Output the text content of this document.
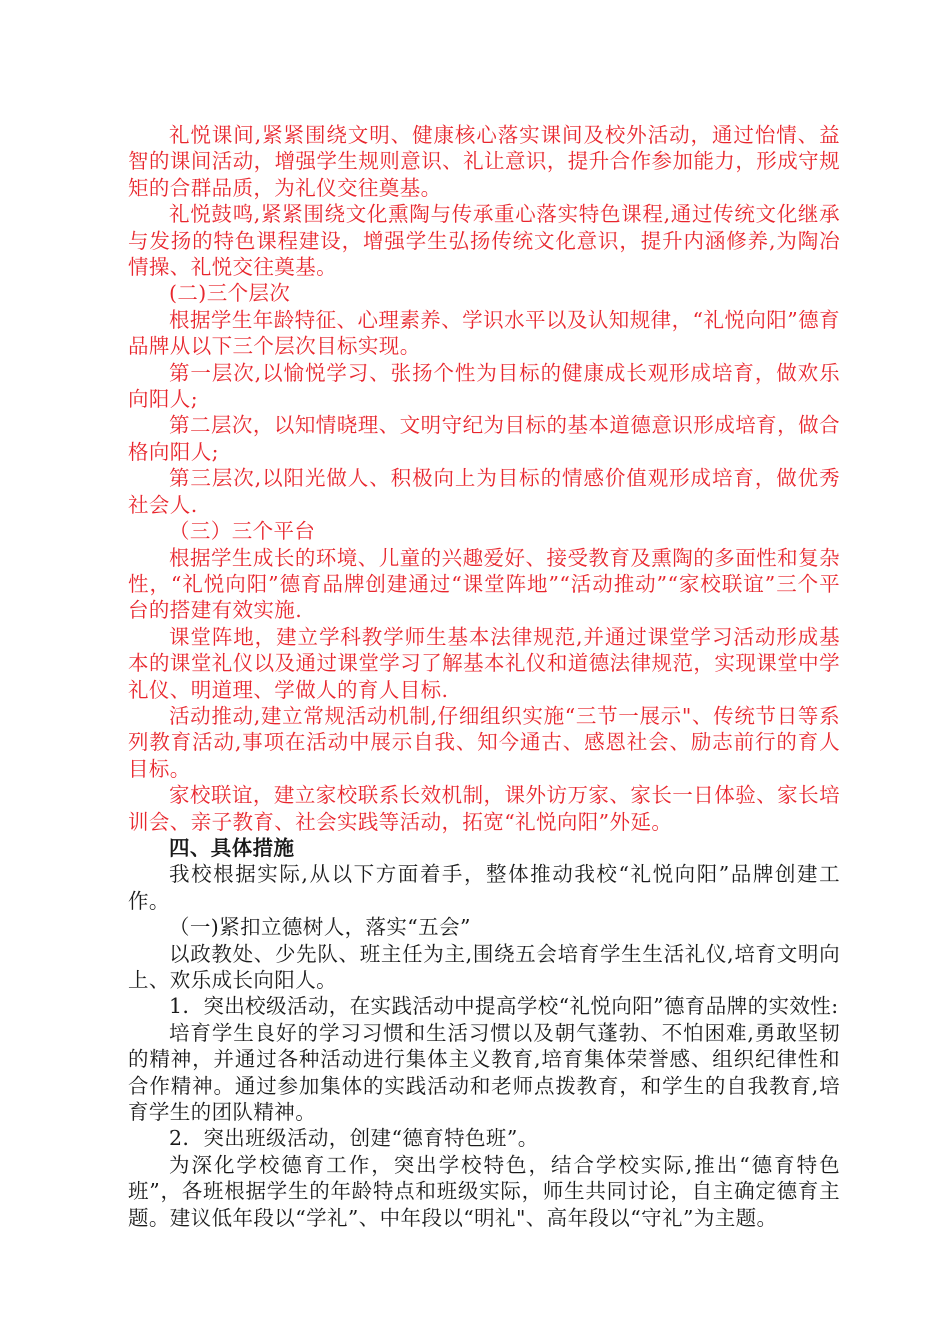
礼悦课间,紧紧围绕文明、健康核心落实课间及校外活动，通过怡情、益智的课间活动，增强学生规则意识、礼让意识，提升合作参加能力，形成守规矩的合群品质，为礼仪交往奠基。

礼悦鼓鸣,紧紧围绕文化熏陶与传承重心落实特色课程,通过传统文化继承与发扬的特色课程建设，增强学生弘扬传统文化意识，提升内涵修养,为陶冶情操、礼悦交往奠基。

(二)三个层次

根据学生年龄特征、心理素养、学识水平以及认知规律，“礼悦向阳”德育品牌从以下三个层次目标实现。

第一层次,以愉悦学习、张扬个性为目标的健康成长观形成培育，做欢乐向阳人;

第二层次，以知情晓理、文明守纪为目标的基本道德意识形成培育，做合格向阳人;

第三层次,以阳光做人、积极向上为目标的情感价值观形成培育，做优秀社会人.

（三）三个平台

根据学生成长的环境、儿童的兴趣爱好、接受教育及熏陶的多面性和复杂性，“礼悦向阳”德育品牌创建通过“课堂阵地”“活动推动”“家校联谊”三个平台的搭建有效实施.

课堂阵地，建立学科教学师生基本法律规范,并通过课堂学习活动形成基本的课堂礼仪以及通过课堂学习了解基本礼仪和道德法律规范，实现课堂中学礼仪、明道理、学做人的育人目标.

活动推动,建立常规活动机制,仔细组织实施“三节一展示"、传统节日等系列教育活动,事项在活动中展示自我、知今通古、感恩社会、励志前行的育人目标。

家校联谊，建立家校联系长效机制，课外访万家、家长一日体验、家长培训会、亲子教育、社会实践等活动，拓宽“礼悦向阳”外延。

四、具体措施

我校根据实际,从以下方面着手，整体推动我校“礼悦向阳”品牌创建工作。

（一)紧扣立德树人，落实“五会”

以政教处、少先队、班主任为主,围绕五会培育学生生活礼仪,培育文明向上、欢乐成长向阳人。

1．突出校级活动，在实践活动中提高学校“礼悦向阳”德育品牌的实效性:

培育学生良好的学习习惯和生活习惯以及朝气蓬勃、不怕困难,勇敢坚韧的精神，并通过各种活动进行集体主义教育,培育集体荣誉感、组织纪律性和合作精神。通过参加集体的实践活动和老师点拨教育，和学生的自我教育,培育学生的团队精神。

2．突出班级活动，创建“德育特色班”。

为深化学校德育工作，突出学校特色，结合学校实际,推出“德育特色班”，各班根据学生的年龄特点和班级实际，师生共同讨论，自主确定德育主题。建议低年段以“学礼”、中年段以“明礼"、高年段以“守礼”为主题。
